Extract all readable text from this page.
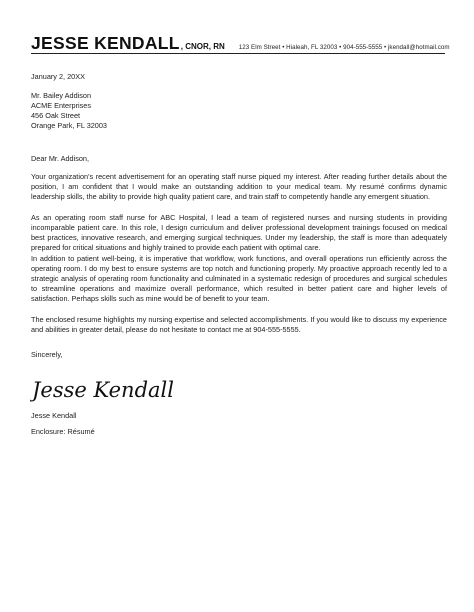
JESSE KENDALL , CNOR, RN 123 Elm Street • Hialeah, FL 32003 • 904-555-5555 • jkendall@hotmail.com
January 2, 20XX
Mr. Bailey Addison
ACME Enterprises
456 Oak Street
Orange Park, FL 32003
Dear Mr. Addison,
Your organization's recent advertisement for an operating staff nurse piqued my interest. After reading further details about the position, I am confident that I would make an outstanding addition to your medical team. My resumé confirms dynamic leadership skills, the ability to provide high quality patient care, and train staff to competently handle any emergent situation.
As an operating room staff nurse for ABC Hospital, I lead a team of registered nurses and nursing students in providing incomparable patient care. In this role, I design curriculum and deliver professional development trainings focused on medical best practices, innovative research, and emerging surgical techniques. Under my leadership, the staff is more than adequately prepared for critical situations and highly trained to provide each patient with optimal care.
In addition to patient well-being, it is imperative that workflow, work functions, and overall operations run efficiently across the operating room. I do my best to ensure systems are top notch and functioning properly. My proactive approach recently led to a strategic analysis of operating room functionality and culminated in a systematic redesign of procedures and surgical schedules to streamline operations and maximize overall performance, which resulted in better patient care and higher levels of satisfaction. Perhaps skills such as mine would be of benefit to your team.
The enclosed resume highlights my nursing expertise and selected accomplishments. If you would like to discuss my experience and abilities in greater detail, please do not hesitate to contact me at 904-555-5555.
Sincerely,
Jesse Kendall
Jesse Kendall
Enclosure: Résumé
